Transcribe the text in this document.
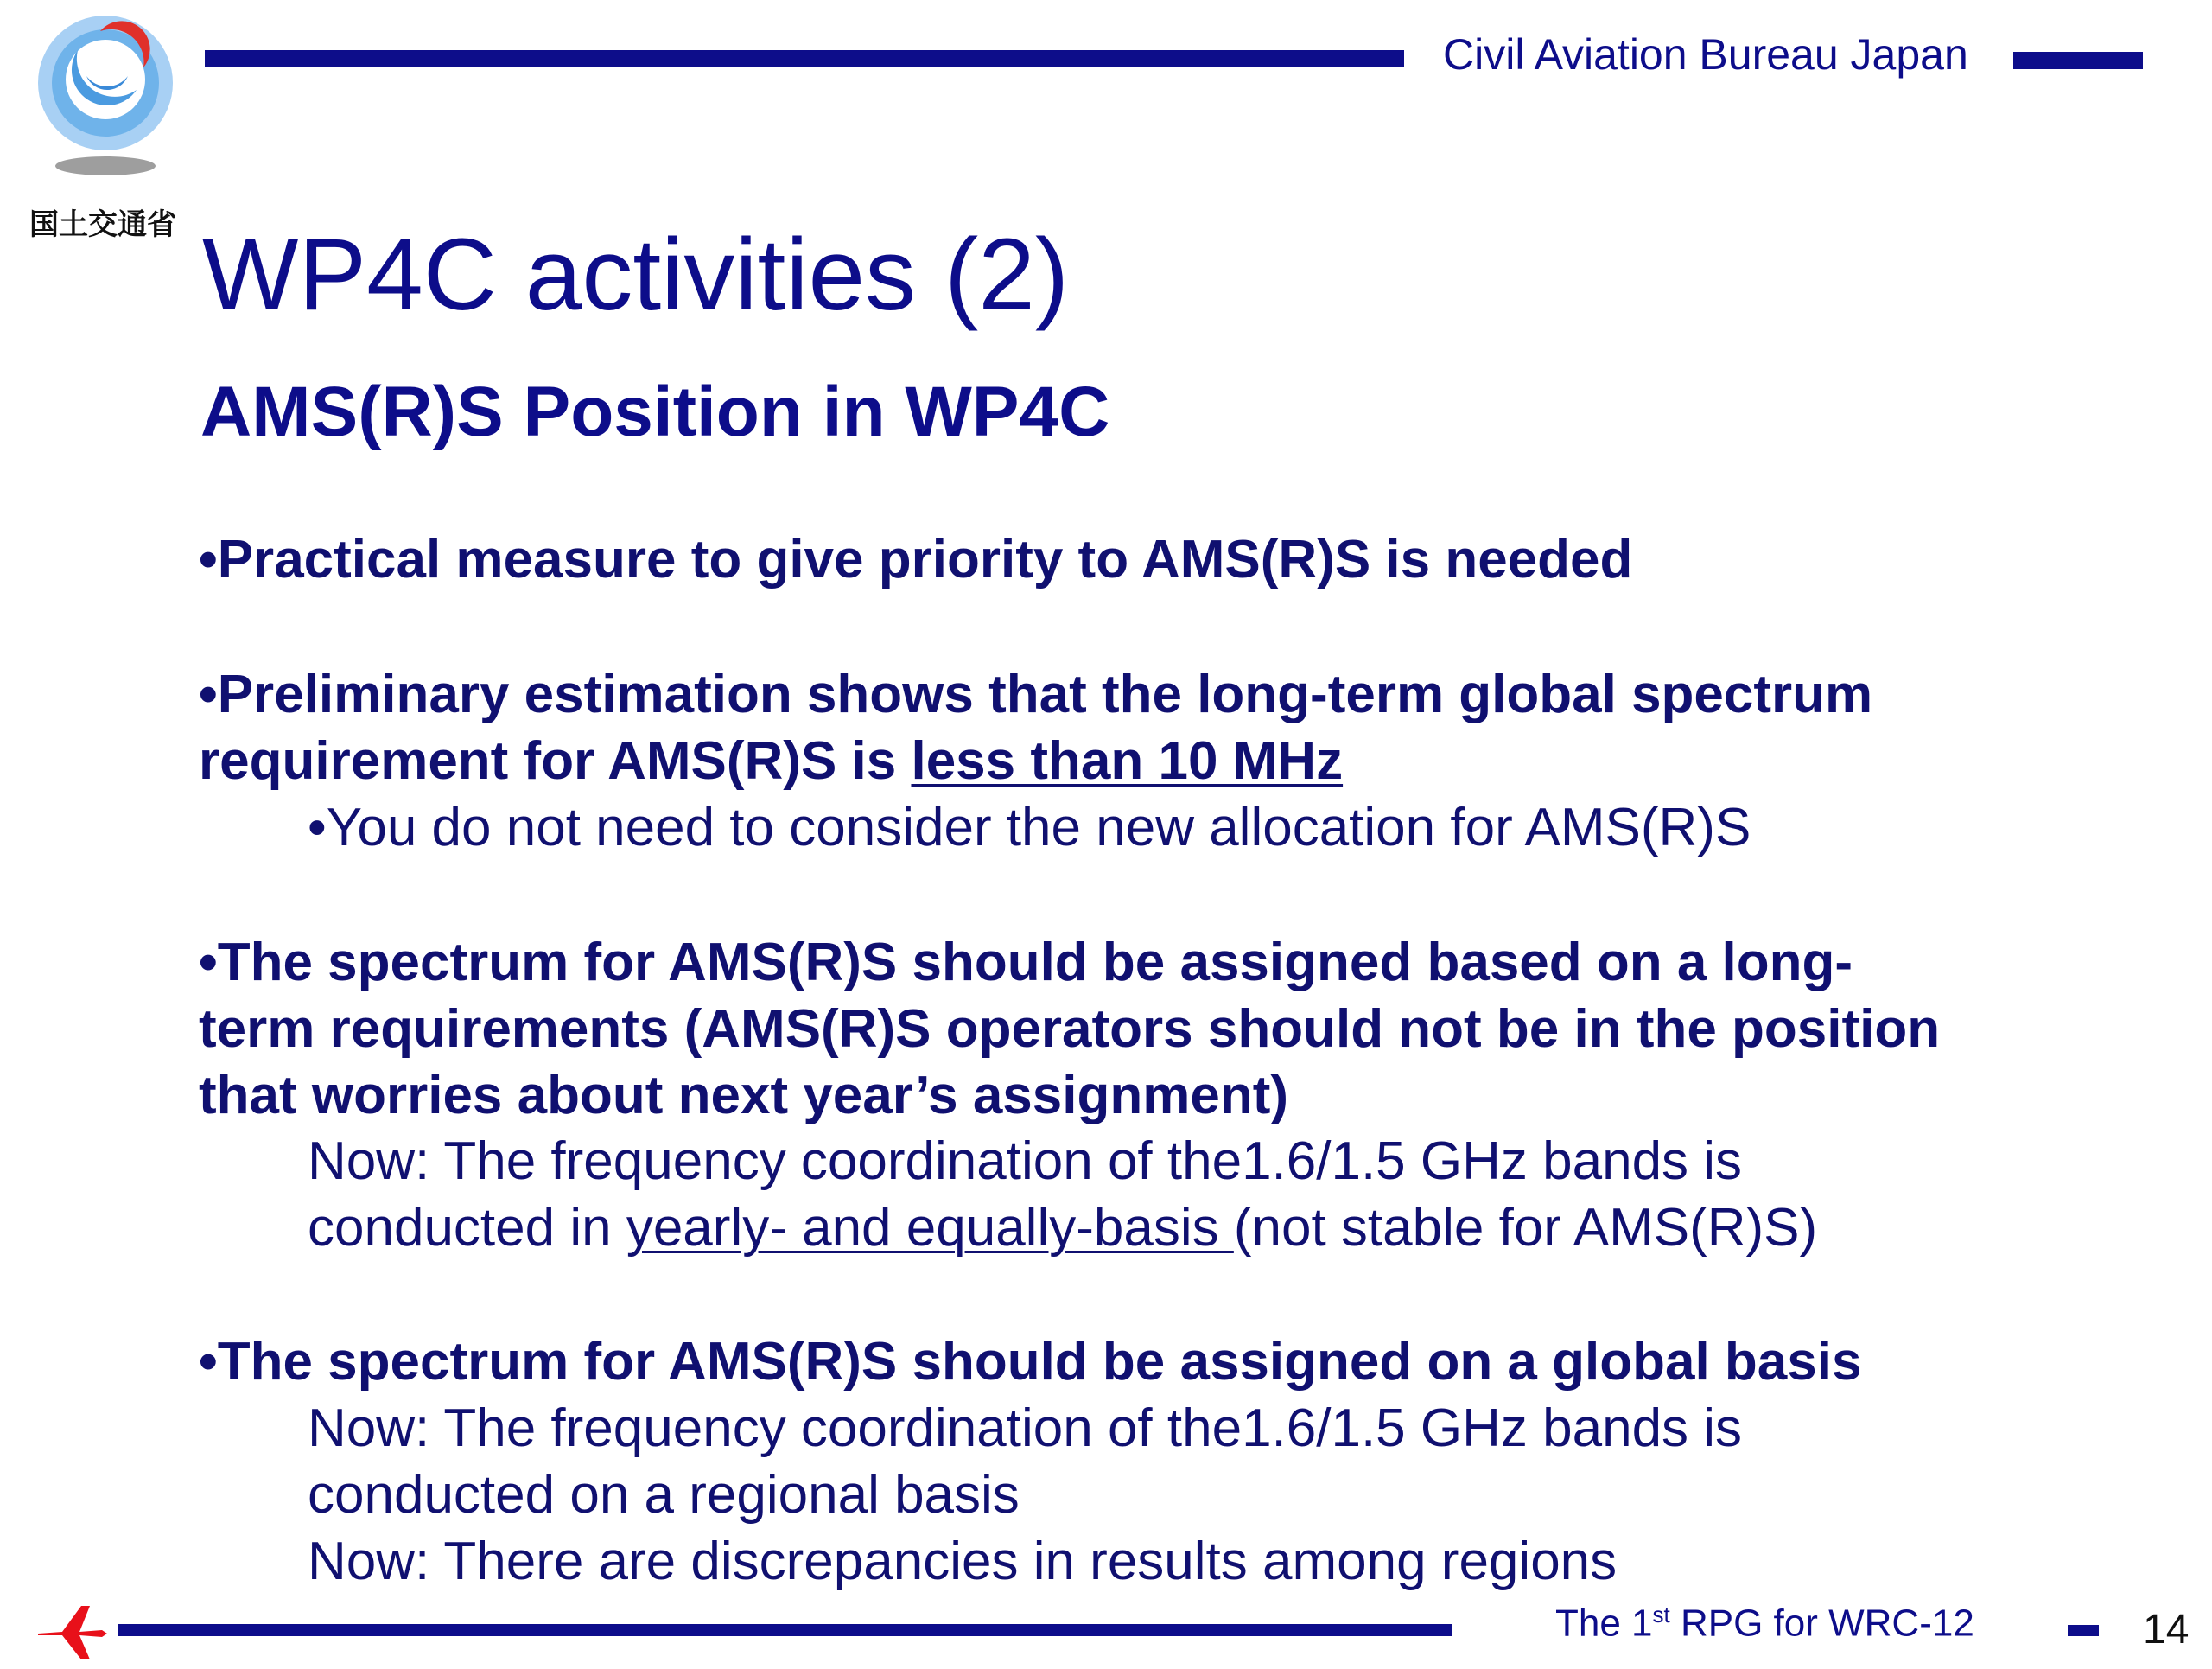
国土交通省
Civil Aviation Bureau Japan
WP4C activities (2)
AMS(R)S Position in WP4C
•Practical measure to give priority to AMS(R)S is needed
•Preliminary estimation shows that the long-term global spectrum
requirement for AMS(R)S is less than 10 MHz
•You do not need to consider the new allocation for AMS(R)S
•The spectrum for AMS(R)S should be assigned based on a long-
term requirements (AMS(R)S operators should not be in the position
that worries about next year’s assignment)
Now: The frequency coordination of the1.6/1.5 GHz bands is
conducted in yearly- and equally-basis (not stable for AMS(R)S)
•The spectrum for AMS(R)S should be assigned on a global basis
Now: The frequency coordination of the1.6/1.5 GHz bands is
conducted on a regional basis
Now: There are discrepancies in results among regions
The 1st RPG for WRC-12	14
